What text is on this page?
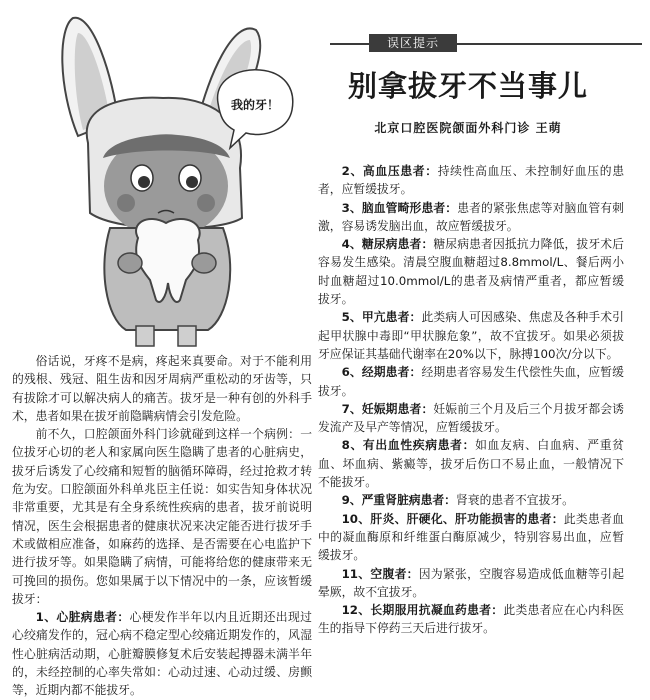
误区提示
别拿拔牙不当事儿
北京口腔医院颌面外科门诊 王萌
我的牙！

俗话说，牙疼不是病，疼起来真要命。对于不能利用的残根、残冠、阻生齿和因牙周病严重松动的牙齿等，只有拔除才可以解决病人的痛苦。拔牙是一种有创的外科手术，患者如果在拔牙前隐瞒病情会引发危险。

前不久，口腔颌面外科门诊就碰到这样一个病例：一位拔牙心切的老人和家属向医生隐瞒了患者的心脏病史，拔牙后诱发了心绞痛和短暂的脑循环障碍，经过抢救才转危为安。口腔颌面外科单兆臣主任说：如实告知身体状况非常重要，尤其是有全身系统性疾病的患者，拔牙前说明情况，医生会根据患者的健康状况来决定能否进行拔牙手术或做相应准备，如麻药的选择、是否需要在心电监护下进行拔牙等。如果隐瞒了病情，可能将给您的健康带来无可挽回的损伤。您如果属于以下情况中的一条，应该暂缓拔牙：

1、心脏病患者：心梗发作半年以内且近期还出现过心绞痛发作的，冠心病不稳定型心绞痛近期发作的，风湿性心脏病活动期，心脏瓣膜修复术后安装起搏器未满半年的，未经控制的心率失常如：心动过速、心动过缓、房颤等，近期内都不能拔牙。

2、高血压患者：持续性高血压、未控制好血压的患者，应暂缓拔牙。

3、脑血管畸形患者：患者的紧张焦虑等对脑血管有刺激，容易诱发脑出血，故应暂缓拔牙。

4、糖尿病患者：糖尿病患者因抵抗力降低，拔牙术后容易发生感染。清晨空腹血糖超过8.8mmol/L、餐后两小时血糖超过10.0mmol/L的患者及病情严重者，都应暂缓拔牙。

5、甲亢患者：此类病人可因感染、焦虑及各种手术引起甲状腺中毒即“甲状腺危象”，故不宜拔牙。如果必须拔牙应保证其基础代谢率在20%以下，脉搏100次/分以下。

6、经期患者：经期患者容易发生代偿性失血，应暂缓拔牙。

7、妊娠期患者：妊娠前三个月及后三个月拔牙都会诱发流产及早产等情况，应暂缓拔牙。

8、有出血性疾病患者：如血友病、白血病、严重贫血、坏血病、紫癜等，拔牙后伤口不易止血，一般情况下不能拔牙。

9、严重肾脏病患者：肾衰的患者不宜拔牙。

10、肝炎、肝硬化、肝功能损害的患者：此类患者血中的凝血酶原和纤维蛋白酶原减少，特别容易出血，应暂缓拔牙。

11、空腹者：因为紧张，空腹容易造成低血糖等引起晕厥，故不宜拔牙。

12、长期服用抗凝血药患者：此类患者应在心内科医生的指导下停药三天后进行拔牙。
